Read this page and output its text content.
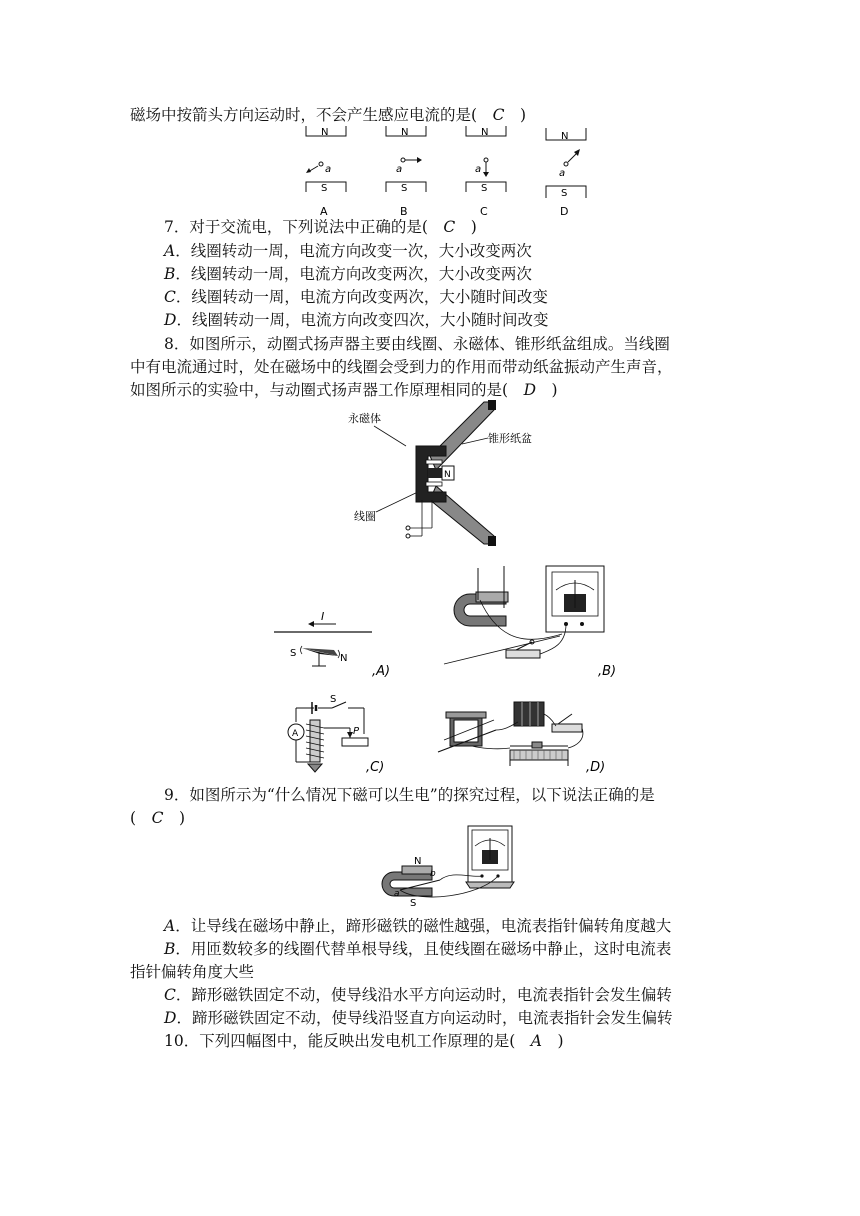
磁场中按箭头方向运动时，不会产生感应电流的是(   C   )
N
a
S
A
N
a
S
B
N
a
S
C
N
a
S
D
7．对于交流电，下列说法中正确的是(   C   )
A．线圈转动一周，电流方向改变一次，大小改变两次
B．线圈转动一周，电流方向改变两次，大小改变两次
C．线圈转动一周，电流方向改变两次，大小随时间改变
D．线圈转动一周，电流方向改变四次，大小随时间改变
8．如图所示，动圈式扬声器主要由线圈、永磁体、锥形纸盆组成。当线圈
中有电流通过时，处在磁场中的线圈会受到力的作用而带动纸盆振动产生声音，
如图所示的实验中，与动圈式扬声器工作原理相同的是(   D   )
永磁体
锥形纸盆
线圈
N
I
S	N
,A)	,B)
S
A	P
,C)	,D)
9．如图所示为“什么情况下磁可以生电”的探究过程，以下说法正确的是
(   C   )
N
S
a
b
A．让导线在磁场中静止，蹄形磁铁的磁性越强，电流表指针偏转角度越大
B．用匝数较多的线圈代替单根导线，且使线圈在磁场中静止，这时电流表
指针偏转角度大些
C．蹄形磁铁固定不动，使导线沿水平方向运动时，电流表指针会发生偏转
D．蹄形磁铁固定不动，使导线沿竖直方向运动时，电流表指针会发生偏转
10．下列四幅图中，能反映出发电机工作原理的是(   A   )
